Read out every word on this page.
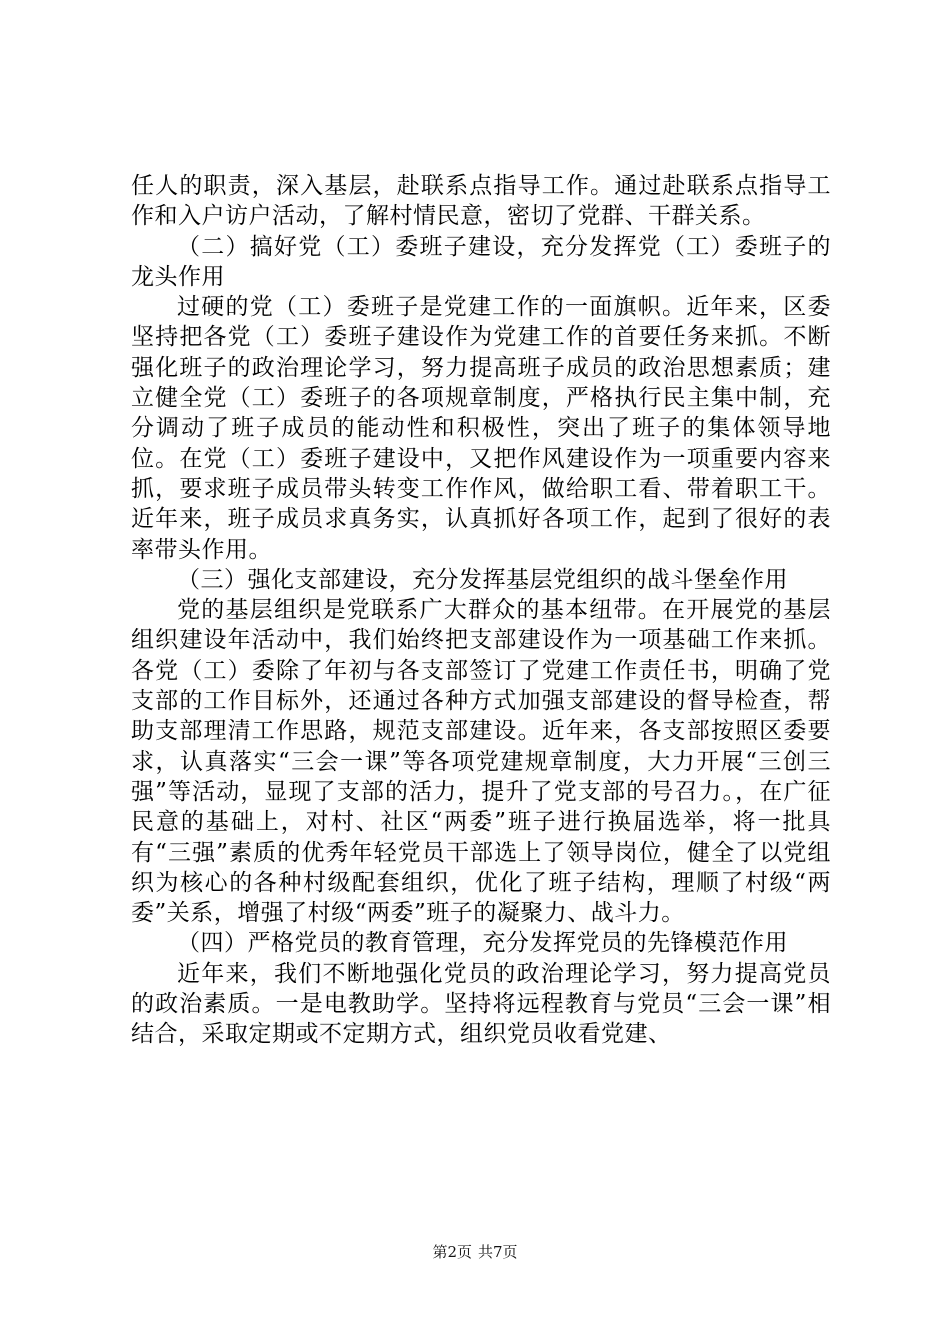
任人的职责，深入基层，赴联系点指导工作。通过赴联系点指导工作和入户访户活动，了解村情民意，密切了党群、干群关系。

（二）搞好党（工）委班子建设，充分发挥党（工）委班子的龙头作用

过硬的党（工）委班子是党建工作的一面旗帜。近年来，区委坚持把各党（工）委班子建设作为党建工作的首要任务来抓。不断强化班子的政治理论学习，努力提高班子成员的政治思想素质；建立健全党（工）委班子的各项规章制度，严格执行民主集中制，充分调动了班子成员的能动性和积极性，突出了班子的集体领导地位。在党（工）委班子建设中，又把作风建设作为一项重要内容来抓，要求班子成员带头转变工作作风，做给职工看、带着职工干。近年来，班子成员求真务实，认真抓好各项工作，起到了很好的表率带头作用。

（三）强化支部建设，充分发挥基层党组织的战斗堡垒作用

党的基层组织是党联系广大群众的基本纽带。在开展党的基层组织建设年活动中，我们始终把支部建设作为一项基础工作来抓。各党（工）委除了年初与各支部签订了党建工作责任书，明确了党支部的工作目标外，还通过各种方式加强支部建设的督导检查，帮助支部理清工作思路，规范支部建设。近年来，各支部按照区委要求，认真落实“三会一课”等各项党建规章制度，大力开展“三创三强”等活动，显现了支部的活力，提升了党支部的号召力。，在广征民意的基础上，对村、社区“两委”班子进行换届选举，将一批具有“三强”素质的优秀年轻党员干部选上了领导岗位，健全了以党组织为核心的各种村级配套组织，优化了班子结构，理顺了村级“两委”关系，增强了村级“两委”班子的凝聚力、战斗力。

（四）严格党员的教育管理，充分发挥党员的先锋模范作用

近年来，我们不断地强化党员的政治理论学习，努力提高党员的政治素质。一是电教助学。坚持将远程教育与党员“三会一课”相结合，采取定期或不定期方式，组织党员收看党建、

第2页 共7页
